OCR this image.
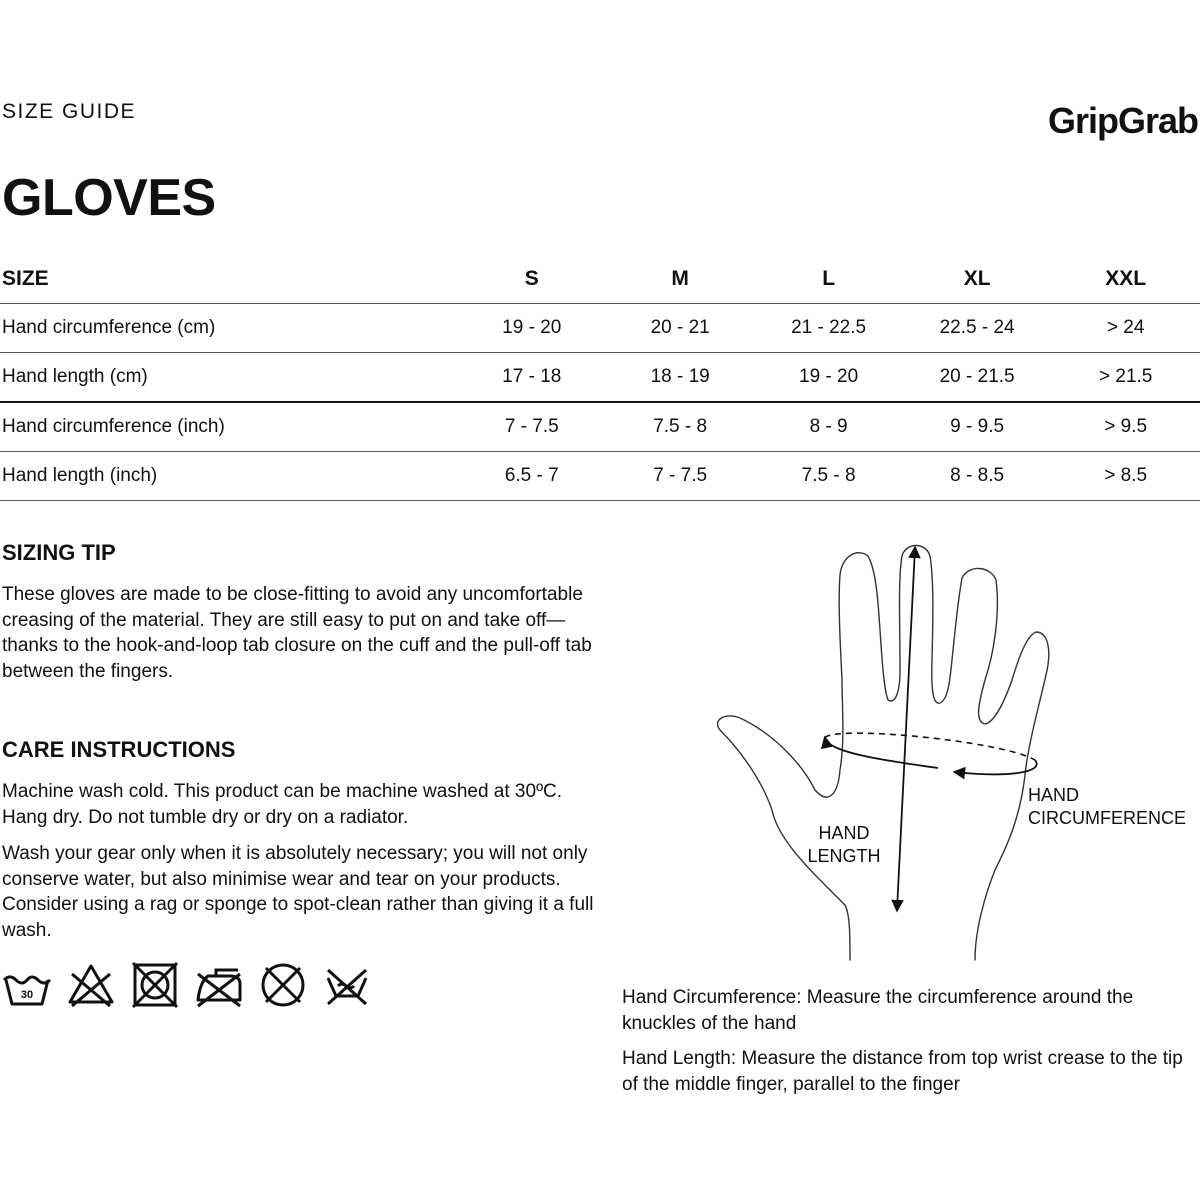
SIZE GUIDE	GripGrab
GLOVES
SIZE	S	M	L	XL	XXL
Hand circumference (cm)	19 - 20	20 - 21	21 - 22.5	22.5 - 24	> 24
Hand length (cm)	17 - 18	18 - 19	19 - 20	20 - 21.5	> 21.5
Hand circumference (inch)	7 - 7.5	7.5 - 8	8 - 9	9 - 9.5	> 9.5
Hand length (inch)	6.5 - 7	7 - 7.5	7.5 - 8	8 - 8.5	> 8.5
SIZING TIP

These gloves are made to be close-fitting to avoid any uncomfortable creasing of the material. They are still easy to put on and take off—thanks to the hook-and-loop tab closure on the cuff and the pull-off tab between the fingers.

CARE INSTRUCTIONS

Machine wash cold. This product can be machine washed at 30ºC. Hang dry. Do not tumble dry or dry on a radiator.

Wash your gear only when it is absolutely necessary; you will not only conserve water, but also minimise wear and tear on your products. Consider using a rag or sponge to spot-clean rather than giving it a full wash.

30
HAND
LENGTH
HAND
CIRCUMFERENCE

Hand Circumference: Measure the circumference around the knuckles of the hand

Hand Length: Measure the distance from top wrist crease to the tip of the middle finger, parallel to the finger
